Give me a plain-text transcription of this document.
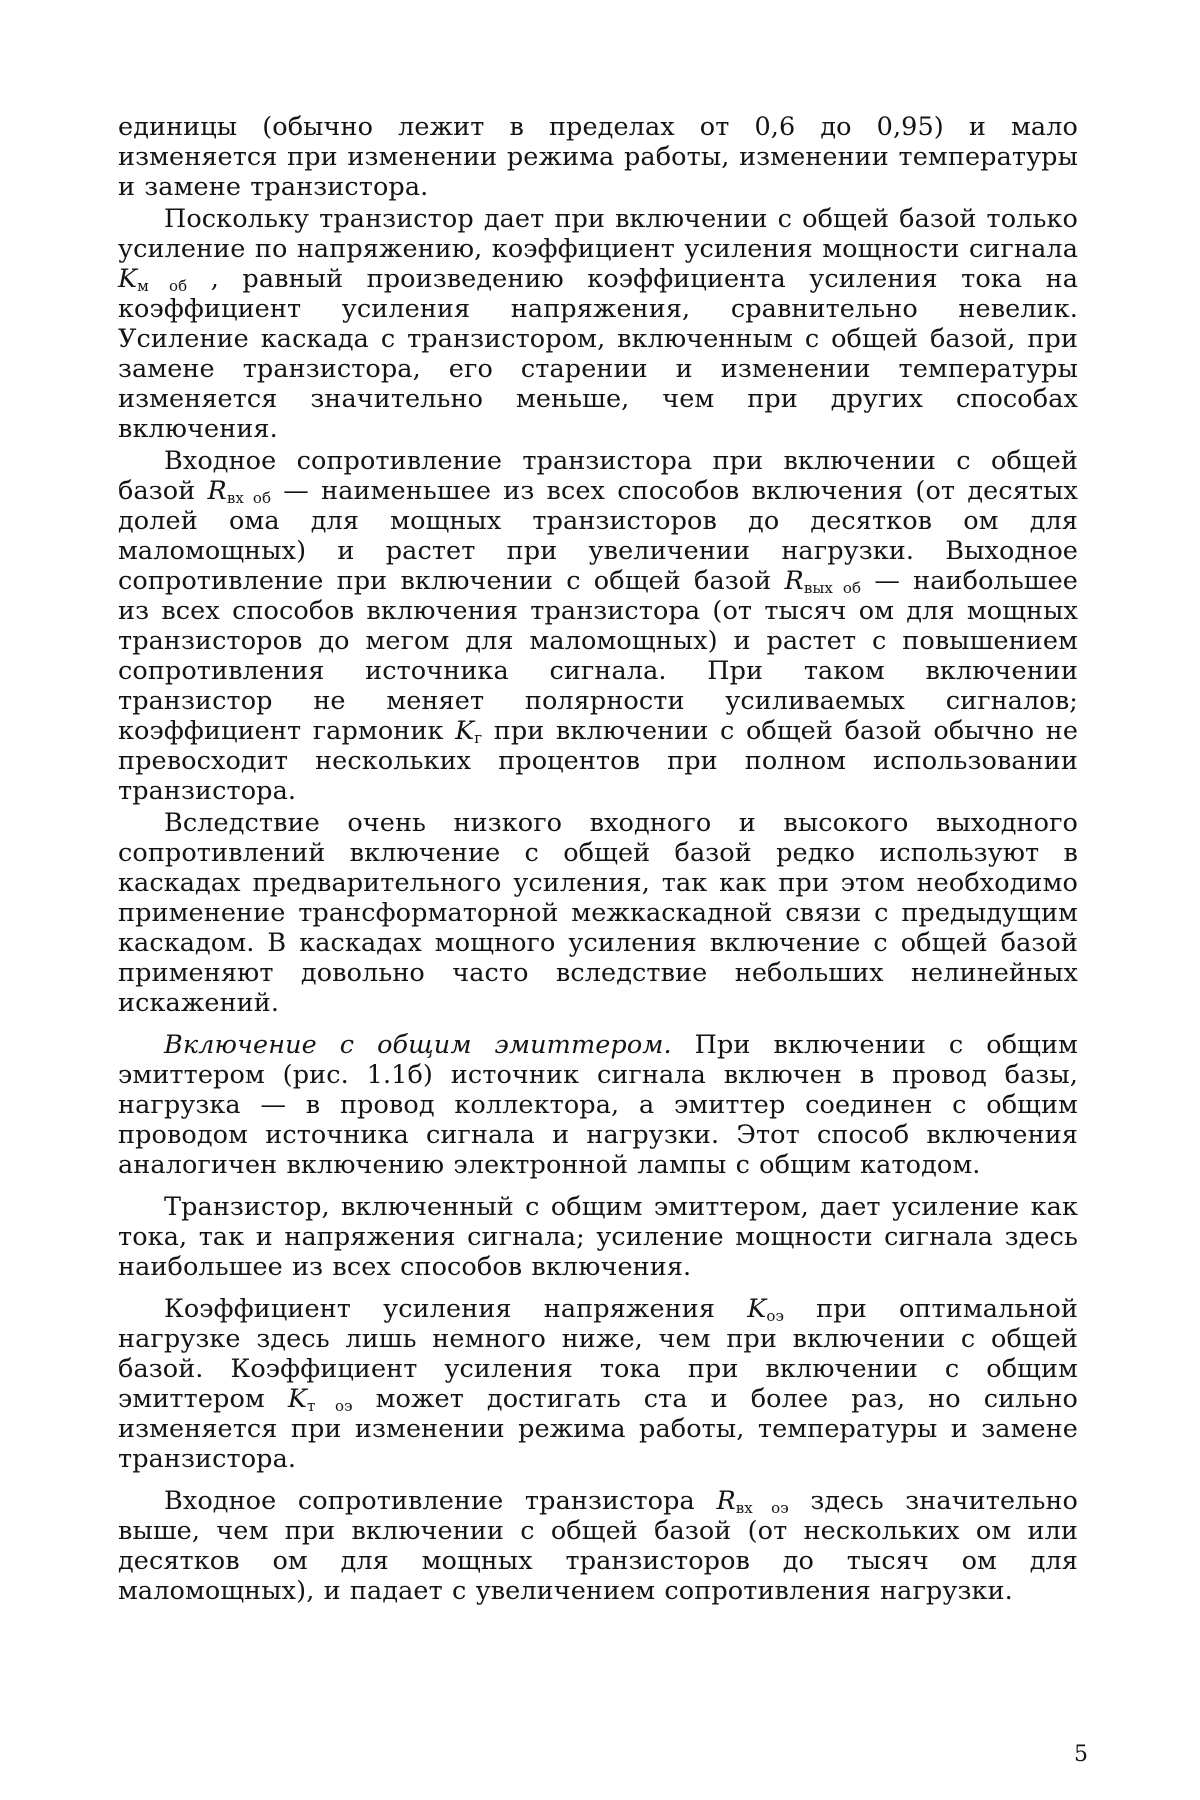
единицы (обычно лежит в пределах от 0,6 до 0,95) и мало изменяется при изменении режима работы, изменении температуры и замене транзистора.

Поскольку транзистор дает при включении с общей базой только усиление по напряжению, коэффициент усиления мощности сигнала $K_{м об}$ , равный произведению коэффициента усиления тока на коэффициент усиления напряжения, сравнительно невелик. Усиление каскада с транзистором, включенным с общей базой, при замене транзистора, его старении и изменении температуры изменяется значительно меньше, чем при других способах включения.

Входное сопротивление транзистора при включении с общей базой $R_{вх об}$ — наименьшее из всех способов включения (от десятых долей ома для мощных транзисторов до десятков ом для маломощных) и растет при увеличении нагрузки. Выходное сопротивление при включении с общей базой $R_{вых об}$ — наибольшее из всех способов включения транзистора (от тысяч ом для мощных транзисторов до мегом для маломощных) и растет с повышением сопротивления источника сигнала. При таком включении транзистор не меняет полярности усиливаемых сигналов; коэффициент гармоник $K_г$ при включении с общей базой обычно не превосходит нескольких процентов при полном использовании транзистора.

Вследствие очень низкого входного и высокого выходного сопротивлений включение с общей базой редко используют в каскадах предварительного усиления, так как при этом необходимо применение трансформаторной межкаскадной связи с предыдущим каскадом. В каскадах мощного усиления включение с общей базой применяют довольно часто вследствие небольших нелинейных искажений.

Включение с общим эмиттером. При включении с общим эмиттером (рис. 1.1б) источник сигнала включен в провод базы, нагрузка — в провод коллектора, а эмиттер соединен с общим проводом источника сигнала и нагрузки. Этот способ включения аналогичен включению электронной лампы с общим катодом.

Транзистор, включенный с общим эмиттером, дает усиление как тока, так и напряжения сигнала; усиление мощности сигнала здесь наибольшее из всех способов включения.

Коэффициент усиления напряжения $K_{оэ}$ при оптимальной нагрузке здесь лишь немного ниже, чем при включении с общей базой. Коэффициент усиления тока при включении с общим эмиттером $K_{т оэ}$ может достигать ста и более раз, но сильно изменяется при изменении режима работы, температуры и замене транзистора.

Входное сопротивление транзистора $R_{вх оэ}$ здесь значительно выше, чем при включении с общей базой (от нескольких ом или десятков ом для мощных транзисторов до тысяч ом для маломощных), и падает с увеличением сопротивления нагрузки.

5
